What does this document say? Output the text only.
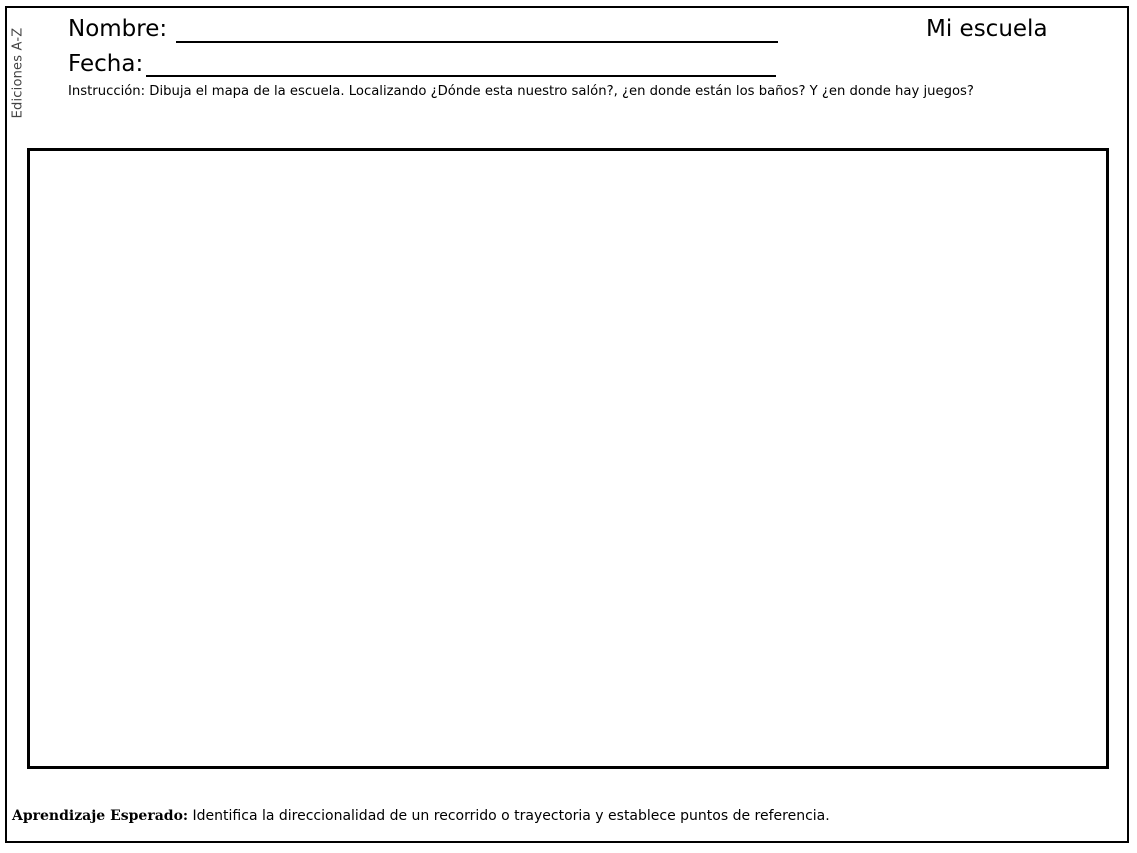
Ediciones A-Z Nombre:
Fecha:
Mi escuela
Instrucción: Dibuja el mapa de la escuela. Localizando ¿Dónde esta nuestro salón?, ¿en donde están los baños? Y ¿en donde hay juegos?
Aprendizaje Esperado: Identifica la direccionalidad de un recorrido o trayectoria y establece puntos de referencia.
